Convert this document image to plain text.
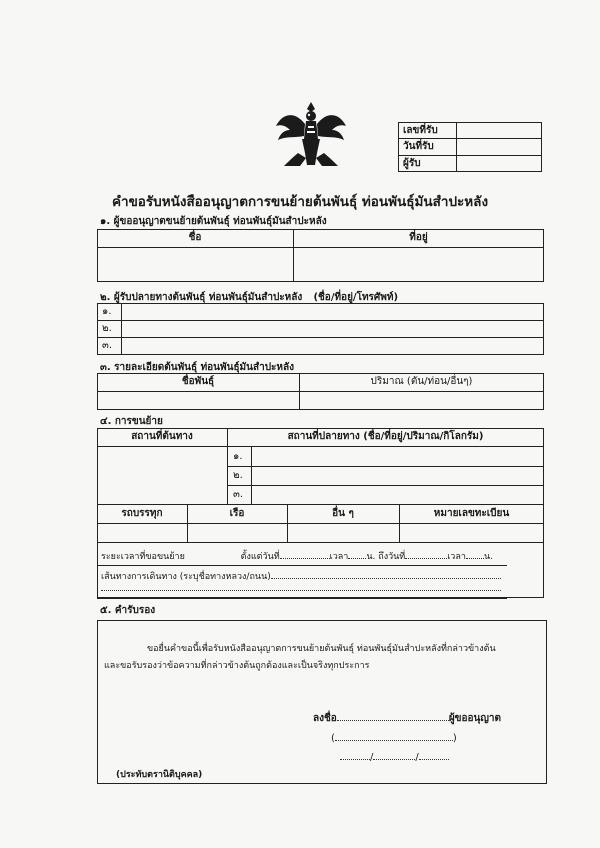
เลขที่รับ
วันที่รับ
ผู้รับ
คำขอรับหนังสืออนุญาตการขนย้ายต้นพันธุ์ ท่อนพันธุ์มันสำปะหลัง
๑. ผู้ขออนุญาตขนย้ายต้นพันธุ์ ท่อนพันธุ์มันสำปะหลัง
ชื่อ	ที่อยู่
๒. ผู้รับปลายทางต้นพันธุ์ ท่อนพันธุ์มันสำปะหลัง (ชื่อ/ที่อยู่/โทรศัพท์)
๑.
๒.
๓.
๓. รายละเอียดต้นพันธุ์ ท่อนพันธุ์มันสำปะหลัง
ชื่อพันธุ์	ปริมาณ (ตัน/ท่อน/อื่นๆ)
๔. การขนย้าย
สถานที่ต้นทาง	สถานที่ปลายทาง (ชื่อ/ที่อยู่/ปริมาณ/กิโลกรัม)
๑.
๒.
๓.
รถบรรทุก	เรือ	อื่น ๆ	หมายเลขทะเบียน
ระยะเวลาที่ขอขนย้าย	ตั้งแต่วันที่	เวลา น. ถึงวันที่	เวลา น.
เส้นทางการเดินทาง (ระบุชื่อทางหลวง/ถนน)
๕. คำรับรอง
ขอยื่นคำขอนี้เพื่อรับหนังสืออนุญาตการขนย้ายต้นพันธุ์ ท่อนพันธุ์มันสำปะหลังที่กล่าวข้างต้น
และขอรับรองว่าข้อความที่กล่าวข้างต้นถูกต้องและเป็นจริงทุกประการ
ลงชื่อ	ผู้ขออนุญาต
(	)
/	/
(ประทับตรานิติบุคคล)
